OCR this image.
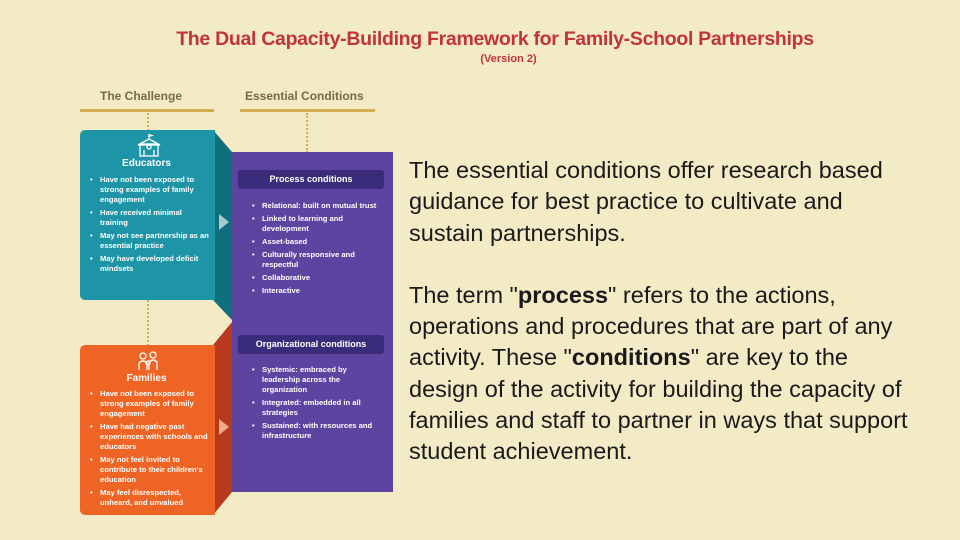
The Dual Capacity-Building Framework for Family-School Partnerships
(Version 2)
The Challenge	Essential Conditions
Educators
• Have not been exposed to strong examples of family engagement
• Have received minimal training
• May not see partnership as an essential practice
• May have developed deficit mindsets
Families
• Have not been exposed to strong examples of family engagement
• Have had negative past experiences with schools and educators
• May not feel invited to contribute to their children's education
• May feel disrespected, unheard, and unvalued
Process conditions
• Relational: built on mutual trust
• Linked to learning and development
• Asset-based
• Culturally responsive and respectful
• Collaborative
• Interactive
Organizational conditions
• Systemic: embraced by leadership across the organization
• Integrated: embedded in all strategies
• Sustained: with resources and infrastructure

The essential conditions offer research based guidance for best practice to cultivate and sustain partnerships.

The term "process" refers to the actions, operations and procedures that are part of any activity. These "conditions" are key to the design of the activity for building the capacity of families and staff to partner in ways that support student achievement.
